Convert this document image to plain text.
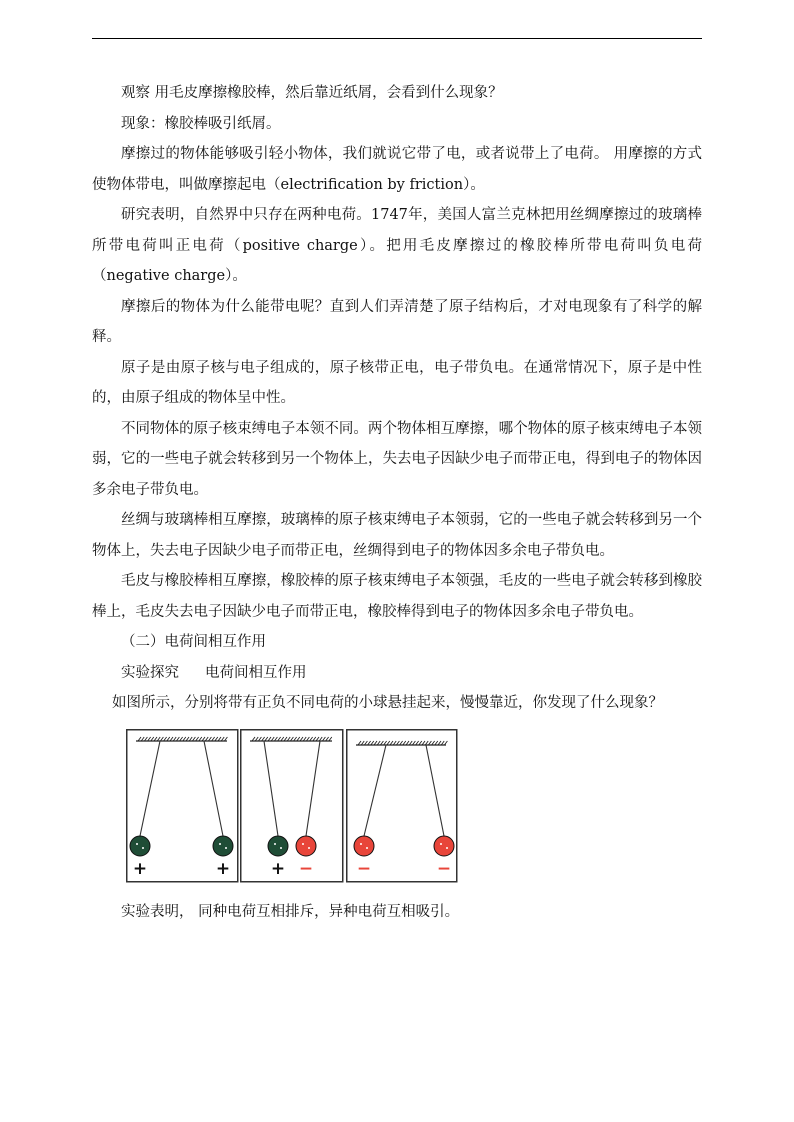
观察 用毛皮摩擦橡胶棒，然后靠近纸屑，会看到什么现象？

现象：橡胶棒吸引纸屑。

摩擦过的物体能够吸引轻小物体，我们就说它带了电，或者说带上了电荷。 用摩擦的方式使物体带电，叫做摩擦起电（electrification by friction）。

研究表明，自然界中只存在两种电荷。1747年，美国人富兰克林把用丝绸摩擦过的玻璃棒所带电荷叫正电荷（positive charge）。把用毛皮摩擦过的橡胶棒所带电荷叫负电荷（negative charge）。

摩擦后的物体为什么能带电呢？直到人们弄清楚了原子结构后，才对电现象有了科学的解释。

原子是由原子核与电子组成的，原子核带正电，电子带负电。在通常情况下，原子是中性的，由原子组成的物体呈中性。

不同物体的原子核束缚电子本领不同。两个物体相互摩擦，哪个物体的原子核束缚电子本领弱，它的一些电子就会转移到另一个物体上，失去电子因缺少电子而带正电，得到电子的物体因多余电子带负电。

丝绸与玻璃棒相互摩擦，玻璃棒的原子核束缚电子本领弱，它的一些电子就会转移到另一个物体上，失去电子因缺少电子而带正电，丝绸得到电子的物体因多余电子带负电。

毛皮与橡胶棒相互摩擦，橡胶棒的原子核束缚电子本领强，毛皮的一些电子就会转移到橡胶棒上，毛皮失去电子因缺少电子而带正电，橡胶棒得到电子的物体因多余电子带负电。

（二）电荷间相互作用

实验探究 电荷间相互作用

如图所示，分别将带有正负不同电荷的小球悬挂起来，慢慢靠近，你发现了什么现象？

+	+ + −	−	−

实验表明， 同种电荷互相排斥，异种电荷互相吸引。
